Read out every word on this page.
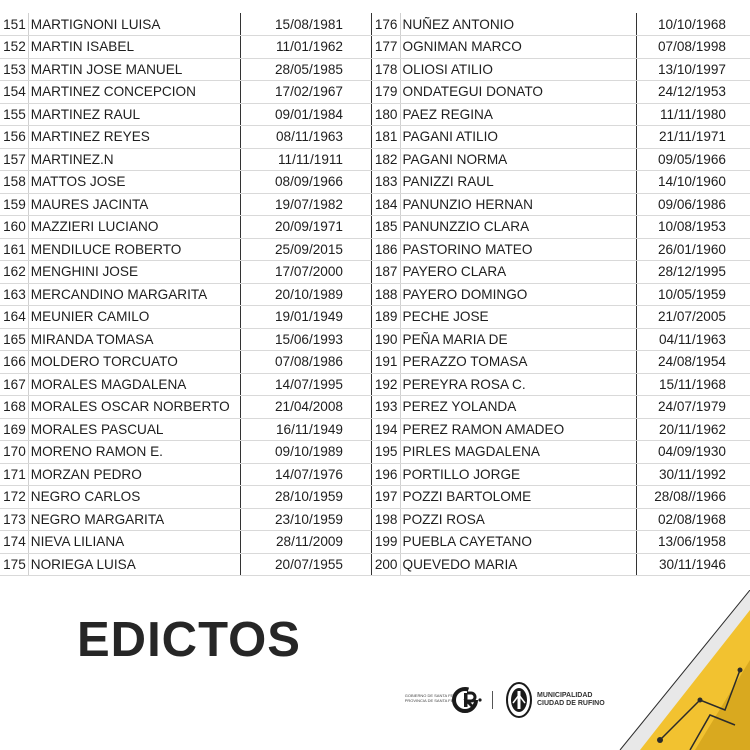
151	MARTIGNONI LUISA	15/08/1981
152	MARTIN ISABEL	11/01/1962
153	MARTIN JOSE MANUEL	28/05/1985
154	MARTINEZ CONCEPCION	17/02/1967
155	MARTINEZ RAUL	09/01/1984
156	MARTINEZ REYES	08/11/1963
157	MARTINEZ.N	11/11/1911
158	MATTOS JOSE	08/09/1966
159	MAURES JACINTA	19/07/1982
160	MAZZIERI LUCIANO	20/09/1971
161	MENDILUCE ROBERTO	25/09/2015
162	MENGHINI JOSE	17/07/2000
163	MERCANDINO MARGARITA	20/10/1989
164	MEUNIER CAMILO	19/01/1949
165	MIRANDA TOMASA	15/06/1993
166	MOLDERO TORCUATO	07/08/1986
167	MORALES MAGDALENA	14/07/1995
168	MORALES OSCAR NORBERTO	21/04/2008
169	MORALES PASCUAL	16/11/1949
170	MORENO RAMON E.	09/10/1989
171	MORZAN PEDRO	14/07/1976
172	NEGRO CARLOS	28/10/1959
173	NEGRO MARGARITA	23/10/1959
174	NIEVA LILIANA	28/11/2009
175	NORIEGA LUISA	20/07/1955
176	NUÑEZ ANTONIO	10/10/1968
177	OGNIMAN MARCO	07/08/1998
178	OLIOSI ATILIO	13/10/1997
179	ONDATEGUI DONATO	24/12/1953
180	PAEZ REGINA	11/11/1980
181	PAGANI ATILIO	21/11/1971
182	PAGANI NORMA	09/05/1966
183	PANIZZI RAUL	14/10/1960
184	PANUNZIO HERNAN	09/06/1986
185	PANUNZZIO CLARA	10/08/1953
186	PASTORINO MATEO	26/01/1960
187	PAYERO CLARA	28/12/1995
188	PAYERO DOMINGO	10/05/1959
189	PECHE JOSE	21/07/2005
190	PEÑA MARIA DE	04/11/1963
191	PERAZZO TOMASA	24/08/1954
192	PEREYRA ROSA C.	15/11/1968
193	PEREZ YOLANDA	24/07/1979
194	PEREZ RAMON AMADEO	20/11/1962
195	PIRLES MAGDALENA	04/09/1930
196	PORTILLO JORGE	30/11/1992
197	POZZI BARTOLOME	28/08//1966
198	POZZI ROSA	02/08/1968
199	PUEBLA CAYETANO	13/06/1958
200	QUEVEDO MARIA	30/11/1946
EDICTOS
GOBIERNO DE SANTA FE PROVINCIA DE SANTA FE
MUNICIPALIDAD
CIUDAD DE RUFINO
